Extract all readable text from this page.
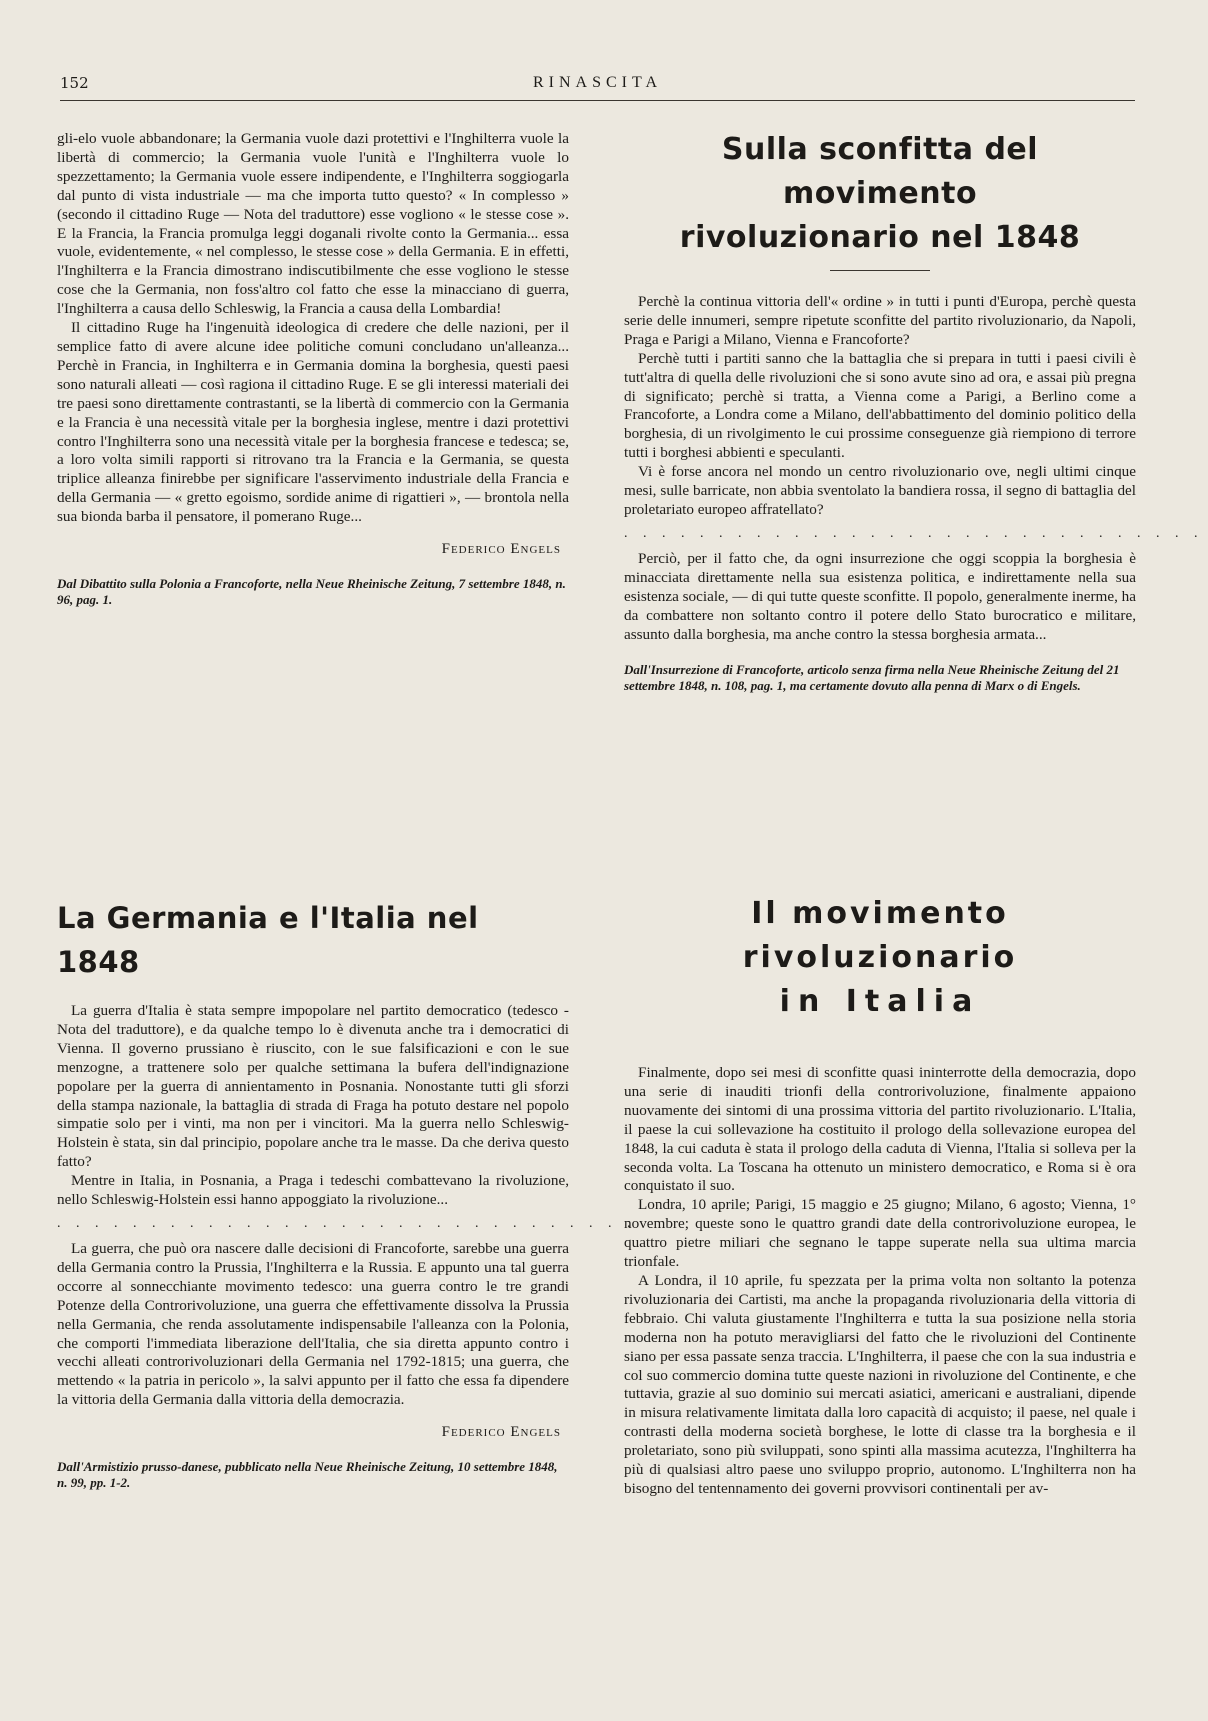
152	RINASCITA

gli-elo vuole abbandonare; la Germania vuole dazi protettivi e l'Inghilterra vuole la libertà di commercio; la Germania vuole l'unità e l'Inghilterra vuole lo spezzettamento; la Germania vuole essere indipendente, e l'Inghilterra soggiogarla dal punto di vista industriale — ma che importa tutto questo? « In complesso » (secondo il cittadino Ruge — Nota del traduttore) esse vogliono « le stesse cose ». E la Francia, la Francia promulga leggi doganali rivolte conto la Germania... essa vuole, evidentemente, « nel complesso, le stesse cose » della Germania. E in effetti, l'Inghilterra e la Francia dimostrano indiscutibilmente che esse vogliono le stesse cose che la Germania, non foss'altro col fatto che esse la minacciano di guerra, l'Inghilterra a causa dello Schleswig, la Francia a causa della Lombardia!

Il cittadino Ruge ha l'ingenuità ideologica di credere che delle nazioni, per il semplice fatto di avere alcune idee politiche comuni concludano un'alleanza... Perchè in Francia, in Inghilterra e in Germania domina la borghesia, questi paesi sono naturali alleati — così ragiona il cittadino Ruge. E se gli interessi materiali dei tre paesi sono direttamente contrastanti, se la libertà di commercio con la Germania e la Francia è una necessità vitale per la borghesia inglese, mentre i dazi protettivi contro l'Inghilterra sono una necessità vitale per la borghesia francese e tedesca; se, a loro volta simili rapporti si ritrovano tra la Francia e la Germania, se questa triplice alleanza finirebbe per significare l'asservimento industriale della Francia e della Germania — « gretto egoismo, sordide anime di rigattieri », — brontola nella sua bionda barba il pensatore, il pomerano Ruge...

Federico Engels

Dal Dibattito sulla Polonia a Francoforte, nella Neue Rheinische Zeitung, 7 settembre 1848, n. 96, pag. 1.

Sulla sconfitta del movimento
rivoluzionario nel 1848

Perchè la continua vittoria dell'« ordine » in tutti i punti d'Europa, perchè questa serie delle innumeri, sempre ripetute sconfitte del partito rivoluzionario, da Napoli, Praga e Parigi a Milano, Vienna e Francoforte?

Perchè tutti i partiti sanno che la battaglia che si prepara in tutti i paesi civili è tutt'altra di quella delle rivoluzioni che si sono avute sino ad ora, e assai più pregna di significato; perchè si tratta, a Vienna come a Parigi, a Berlino come a Francoforte, a Londra come a Milano, dell'abbattimento del dominio politico della borghesia, di un rivolgimento le cui prossime conseguenze già riempiono di terrore tutti i borghesi abbienti e speculanti.

Vi è forse ancora nel mondo un centro rivoluzionario ove, negli ultimi cinque mesi, sulle barricate, non abbia sventolato la bandiera rossa, il segno di battaglia del proletariato europeo affratellato?

. . . . . . . . . . . . . . . . . . . . . . . . . . . . . . .

Perciò, per il fatto che, da ogni insurrezione che oggi scoppia la borghesia è minacciata direttamente nella sua esistenza politica, e indirettamente nella sua esistenza sociale, — di qui tutte queste sconfitte. Il popolo, generalmente inerme, ha da combattere non soltanto contro il potere dello Stato burocratico e militare, assunto dalla borghesia, ma anche contro la stessa borghesia armata...

Dall'Insurrezione di Francoforte, articolo senza firma nella Neue Rheinische Zeitung del 21 settembre 1848, n. 108, pag. 1, ma certamente dovuto alla penna di Marx o di Engels.

La Germania e l'Italia nel 1848

La guerra d'Italia è stata sempre impopolare nel partito democratico (tedesco - Nota del traduttore), e da qualche tempo lo è divenuta anche tra i democratici di Vienna. Il governo prussiano è riuscito, con le sue falsificazioni e con le sue menzogne, a trattenere solo per qualche settimana la bufera dell'indignazione popolare per la guerra di annientamento in Posnania. Nonostante tutti gli sforzi della stampa nazionale, la battaglia di strada di Fraga ha potuto destare nel popolo simpatie solo per i vinti, ma non per i vincitori. Ma la guerra nello Schleswig-Holstein è stata, sin dal principio, popolare anche tra le masse. Da che deriva questo fatto?

Mentre in Italia, in Posnania, a Praga i tedeschi combattevano la rivoluzione, nello Schleswig-Holstein essi hanno appoggiato la rivoluzione...

. . . . . . . . . . . . . . . . . . . . . . . . . . . . . . .

La guerra, che può ora nascere dalle decisioni di Francoforte, sarebbe una guerra della Germania contro la Prussia, l'Inghilterra e la Russia. E appunto una tal guerra occorre al sonnecchiante movimento tedesco: una guerra contro le tre grandi Potenze della Controrivoluzione, una guerra che effettivamente dissolva la Prussia nella Germania, che renda assolutamente indispensabile l'alleanza con la Polonia, che comporti l'immediata liberazione dell'Italia, che sia diretta appunto contro i vecchi alleati controrivoluzionari della Germania nel 1792-1815; una guerra, che mettendo « la patria in pericolo », la salvi appunto per il fatto che essa fa dipendere la vittoria della Germania dalla vittoria della democrazia.

Federico Engels

Dall'Armistizio prusso-danese, pubblicato nella Neue Rheinische Zeitung, 10 settembre 1848, n. 99, pp. 1-2.

Il movimento rivoluzionario
in Italia

Finalmente, dopo sei mesi di sconfitte quasi ininterrotte della democrazia, dopo una serie di inauditi trionfi della controrivoluzione, finalmente appaiono nuovamente dei sintomi di una prossima vittoria del partito rivoluzionario. L'Italia, il paese la cui sollevazione ha costituito il prologo della sollevazione europea del 1848, la cui caduta è stata il prologo della caduta di Vienna, l'Italia si solleva per la seconda volta. La Toscana ha ottenuto un ministero democratico, e Roma si è ora conquistato il suo.

Londra, 10 aprile; Parigi, 15 maggio e 25 giugno; Milano, 6 agosto; Vienna, 1° novembre; queste sono le quattro grandi date della controrivoluzione europea, le quattro pietre miliari che segnano le tappe superate nella sua ultima marcia trionfale.

A Londra, il 10 aprile, fu spezzata per la prima volta non soltanto la potenza rivoluzionaria dei Cartisti, ma anche la propaganda rivoluzionaria della vittoria di febbraio. Chi valuta giustamente l'Inghilterra e tutta la sua posizione nella storia moderna non ha potuto meravigliarsi del fatto che le rivoluzioni del Continente siano per essa passate senza traccia. L'Inghilterra, il paese che con la sua industria e col suo commercio domina tutte queste nazioni in rivoluzione del Continente, e che tuttavia, grazie al suo dominio sui mercati asiatici, americani e australiani, dipende in misura relativamente limitata dalla loro capacità di acquisto; il paese, nel quale i contrasti della moderna società borghese, le lotte di classe tra la borghesia e il proletariato, sono più sviluppati, sono spinti alla massima acutezza, l'Inghilterra ha più di qualsiasi altro paese uno sviluppo proprio, autonomo. L'Inghilterra non ha bisogno del tentennamento dei governi provvisori continentali per av-
